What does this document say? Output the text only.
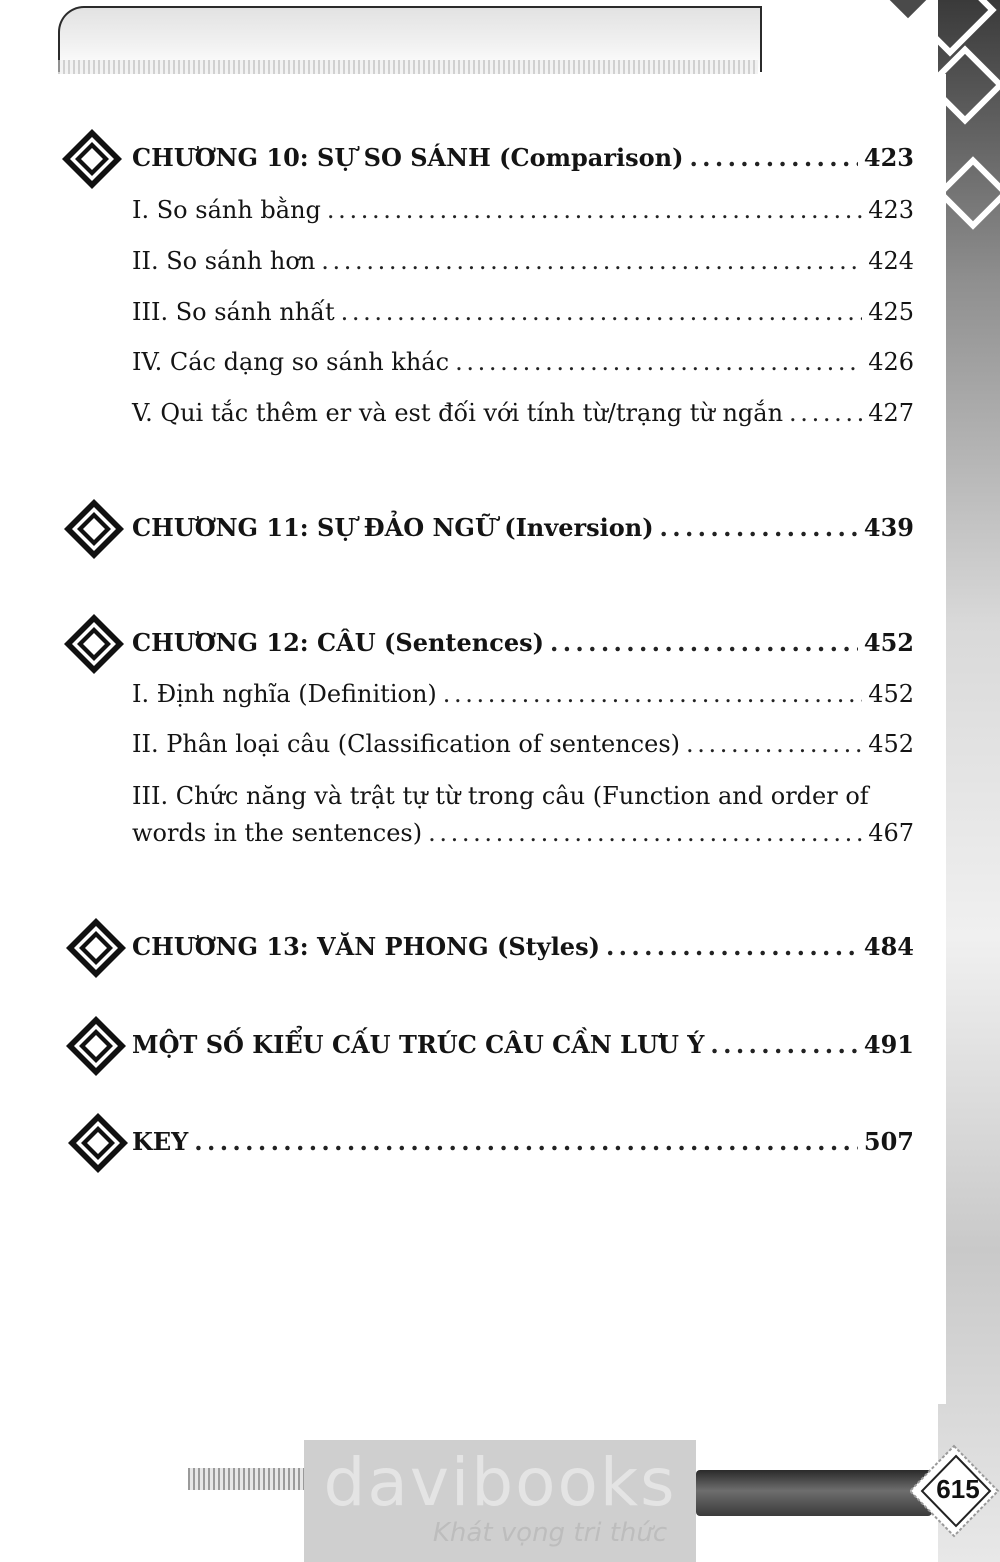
CHƯƠNG 10: SỰ SO SÁNH (Comparison) . . .	423
I. So sánh bằng . . .	423
II. So sánh hơn . . .	424
III. So sánh nhất . . .	425
IV. Các dạng so sánh khác . . .	426
V. Qui tắc thêm er và est đối với tính từ/trạng từ ngắn . . .	427
CHƯƠNG 11: SỰ ĐẢO NGỮ (Inversion) . . .	439
CHƯƠNG 12: CÂU (Sentences) . . .	452
I. Định nghĩa (Definition) . . .	452
II. Phân loại câu (Classification of sentences) . . .	452
III. Chức năng và trật tự từ trong câu (Function and order of
words in the sentences) . . .	467
CHƯƠNG 13: VĂN PHONG (Styles) . . .	484
MỘT SỐ KIỂU CẤU TRÚC CÂU CẦN LƯU Ý . . .	491
KEY . . .	507
davibooks
Khát vọng tri thức
615
